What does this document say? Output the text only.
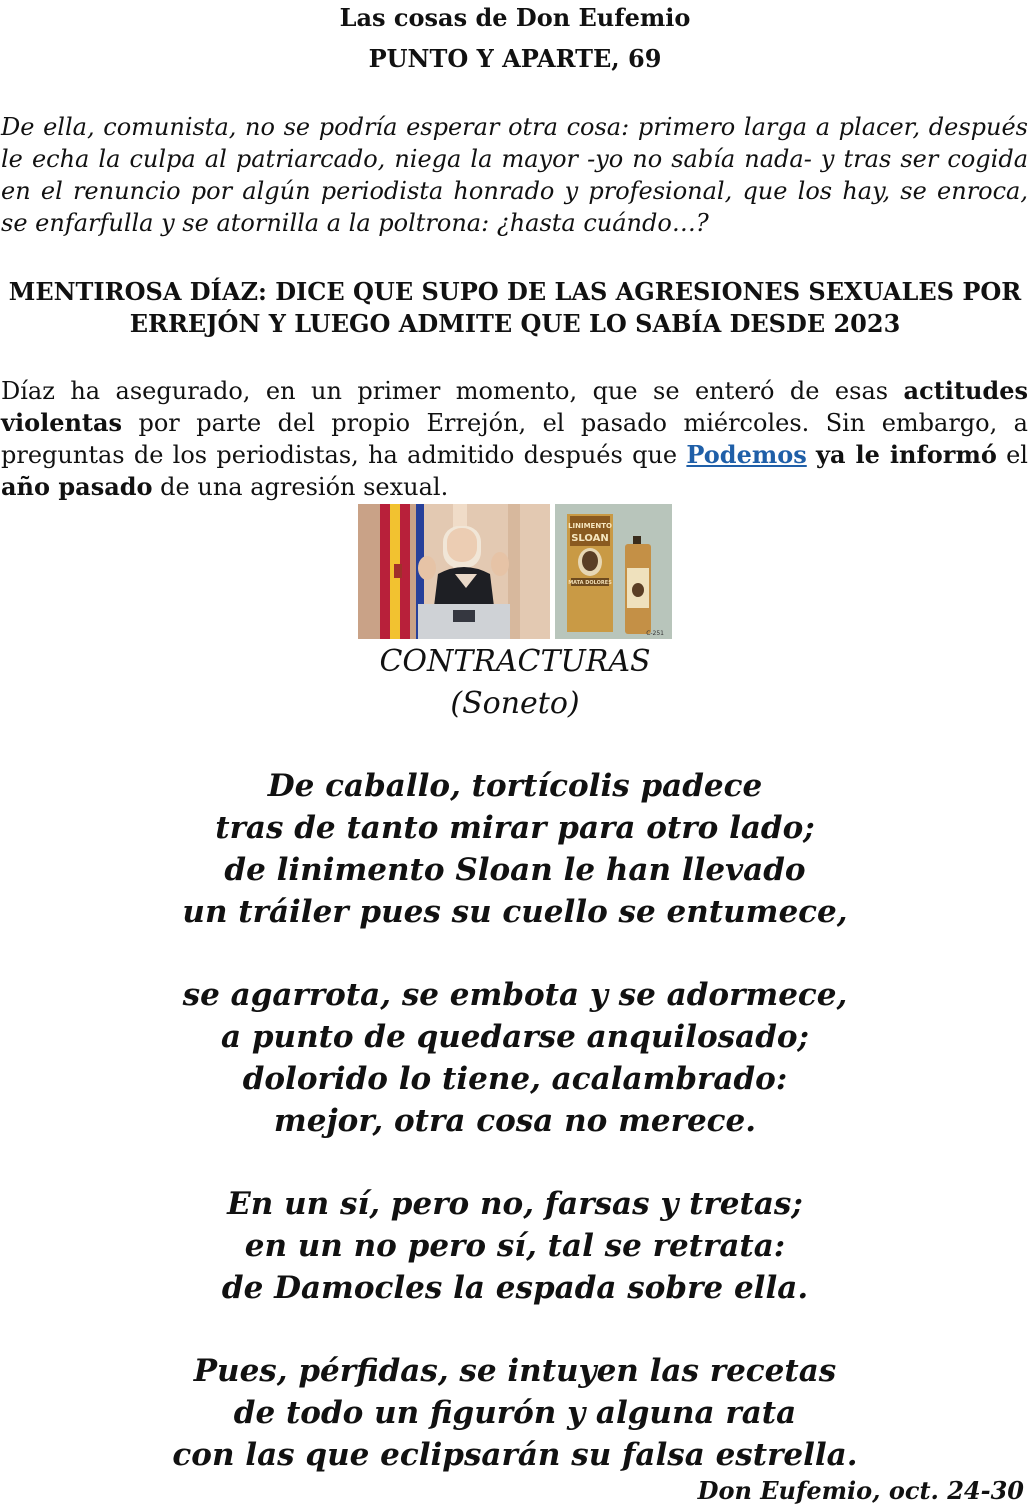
Las cosas de Don Eufemio
PUNTO Y APARTE, 69

De ella, comunista, no se podría esperar otra cosa: primero larga a placer, después le echa la culpa al patriarcado, niega la mayor -yo no sabía nada- y tras ser cogida en el renuncio por algún periodista honrado y profesional, que los hay, se enroca, se enfarfulla y se atornilla a la poltrona: ¿hasta cuándo…?

MENTIROSA DÍAZ: DICE QUE SUPO DE LAS AGRESIONES SEXUALES POR ERREJÓN Y LUEGO ADMITE QUE LO SABÍA DESDE 2023

Díaz ha asegurado, en un primer momento, que se enteró de esas actitudes violentas por parte del propio Errejón, el pasado miércoles. Sin embargo, a preguntas de los periodistas, ha admitido después que Podemos ya le informó el año pasado de una agresión sexual.

LINIMENTO
SLOAN
MATA DOLORES
C-251
CONTRACTURAS
(Soneto)
De caballo, tortícolis padece
tras de tanto mirar para otro lado;
de linimento Sloan le han llevado
un tráiler pues su cuello se entumece,
se agarrota, se embota y se adormece,
a punto de quedarse anquilosado;
dolorido lo tiene, acalambrado:
mejor, otra cosa no merece.
En un sí, pero no, farsas y tretas;
en un no pero sí, tal se retrata:
de Damocles la espada sobre ella.
Pues, pérfidas, se intuyen las recetas
de todo un figurón y alguna rata
con las que eclipsarán su falsa estrella.
Don Eufemio, oct. 24-30
